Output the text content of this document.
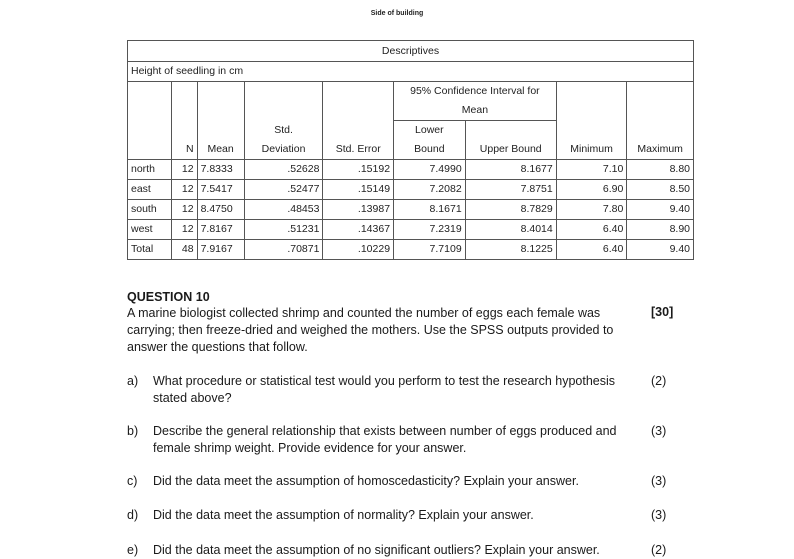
Side of building
Descriptives								
Height of seedling in cm								
					95% Confidence Interval for			
					Mean			
			Std.		Lower			
	N	Mean	Deviation	Std. Error	Bound	Upper Bound	Minimum	Maximum
north	12	7.8333	.52628	.15192	7.4990	8.1677	7.10	8.80
east	12	7.5417	.52477	.15149	7.2082	7.8751	6.90	8.50
south	12	8.4750	.48453	.13987	8.1671	8.7829	7.80	9.40
west	12	7.8167	.51231	.14367	7.2319	8.4014	6.40	8.90
Total	48	7.9167	.70871	.10229	7.7109	8.1225	6.40	9.40
QUESTION 10
[30]
A marine biologist collected shrimp and counted the number of eggs each female was carrying; then freeze-dried and weighed the mothers. Use the SPSS outputs provided to answer the questions that follow.
a)	What procedure or statistical test would you perform to test the research hypothesis stated above?
(2)
b)	Describe the general relationship that exists between number of eggs produced and female shrimp weight. Provide evidence for your answer.
(3)
c)	Did the data meet the assumption of homoscedasticity? Explain your answer.	(3)
d)	Did the data meet the assumption of normality? Explain your answer.	(3)
e)	Did the data meet the assumption of no significant outliers? Explain your answer.	(2)
